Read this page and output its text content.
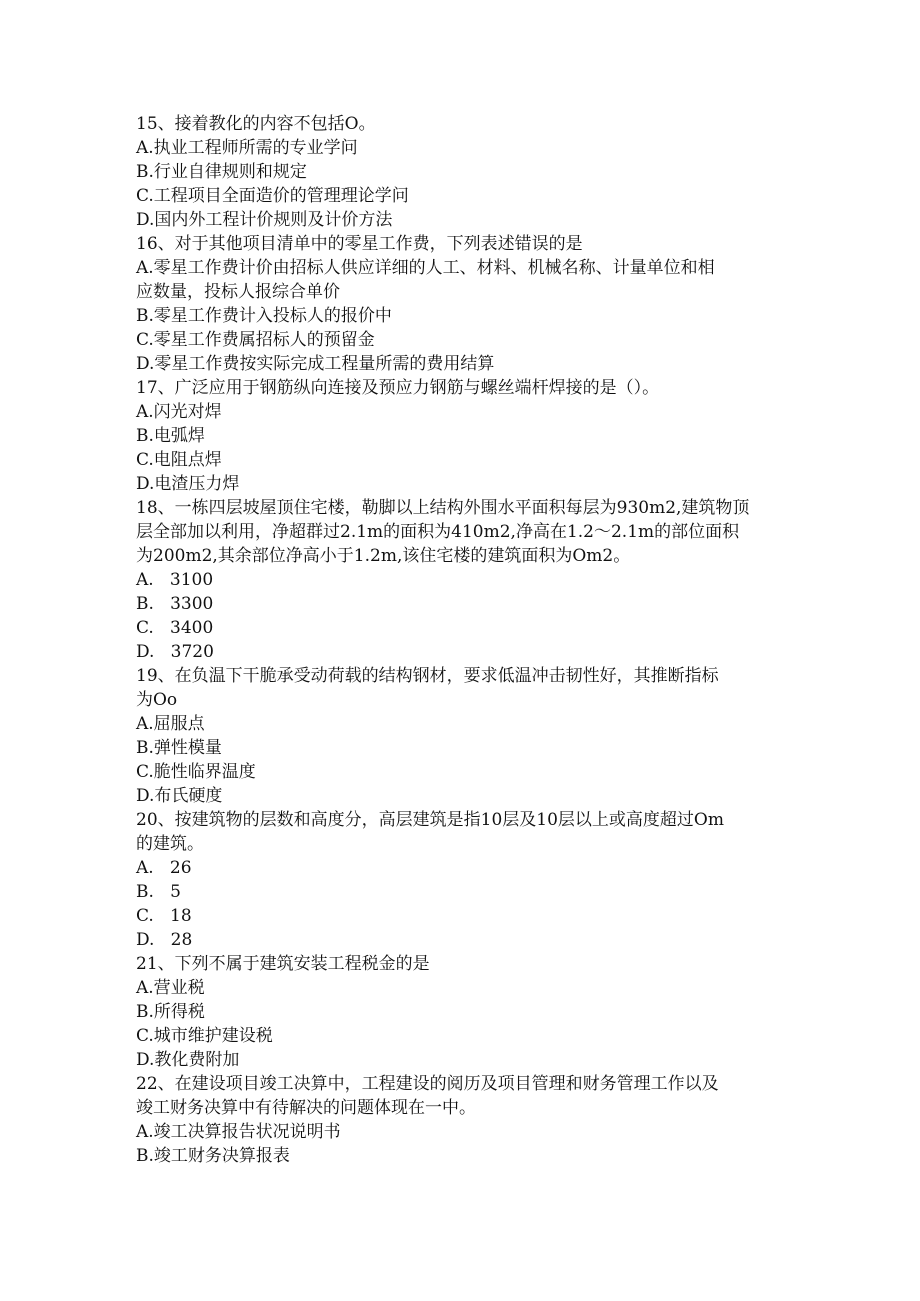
15、接着教化的内容不包括O。
A.执业工程师所需的专业学问
B.行业自律规则和规定
C.工程项目全面造价的管理理论学问
D.国内外工程计价规则及计价方法
16、对于其他项目清单中的零星工作费，下列表述错误的是
A.零星工作费计价由招标人供应详细的人工、材料、机械名称、计量单位和相
应数量，投标人报综合单价
B.零星工作费计入投标人的报价中
C.零星工作费属招标人的预留金
D.零星工作费按实际完成工程量所需的费用结算
17、广泛应用于钢筋纵向连接及预应力钢筋与螺丝端杆焊接的是（）。
A.闪光对焊
B.电弧焊
C.电阻点焊
D.电渣压力焊
18、一栋四层坡屋顶住宅楼，勒脚以上结构外围水平面积每层为930m2,建筑物顶
层全部加以利用，净超群过2.1m的面积为410m2,净高在1.2～2.1m的部位面积
为200m2,其余部位净高小于1.2m,该住宅楼的建筑面积为Om2。
A.   3100
B.   3300
C.   3400
D.   3720
19、在负温下干脆承受动荷载的结构钢材，要求低温冲击韧性好，其推断指标
为Oo
A.屈服点
B.弹性模量
C.脆性临界温度
D.布氏硬度
20、按建筑物的层数和高度分，高层建筑是指10层及10层以上或高度超过Om
的建筑。
A.   26
B.   5
C.   18
D.   28
21、下列不属于建筑安装工程税金的是
A.营业税
B.所得税
C.城市维护建设税
D.教化费附加
22、在建设项目竣工决算中，工程建设的阅历及项目管理和财务管理工作以及
竣工财务决算中有待解决的问题体现在一中。
A.竣工决算报告状况说明书
B.竣工财务决算报表
